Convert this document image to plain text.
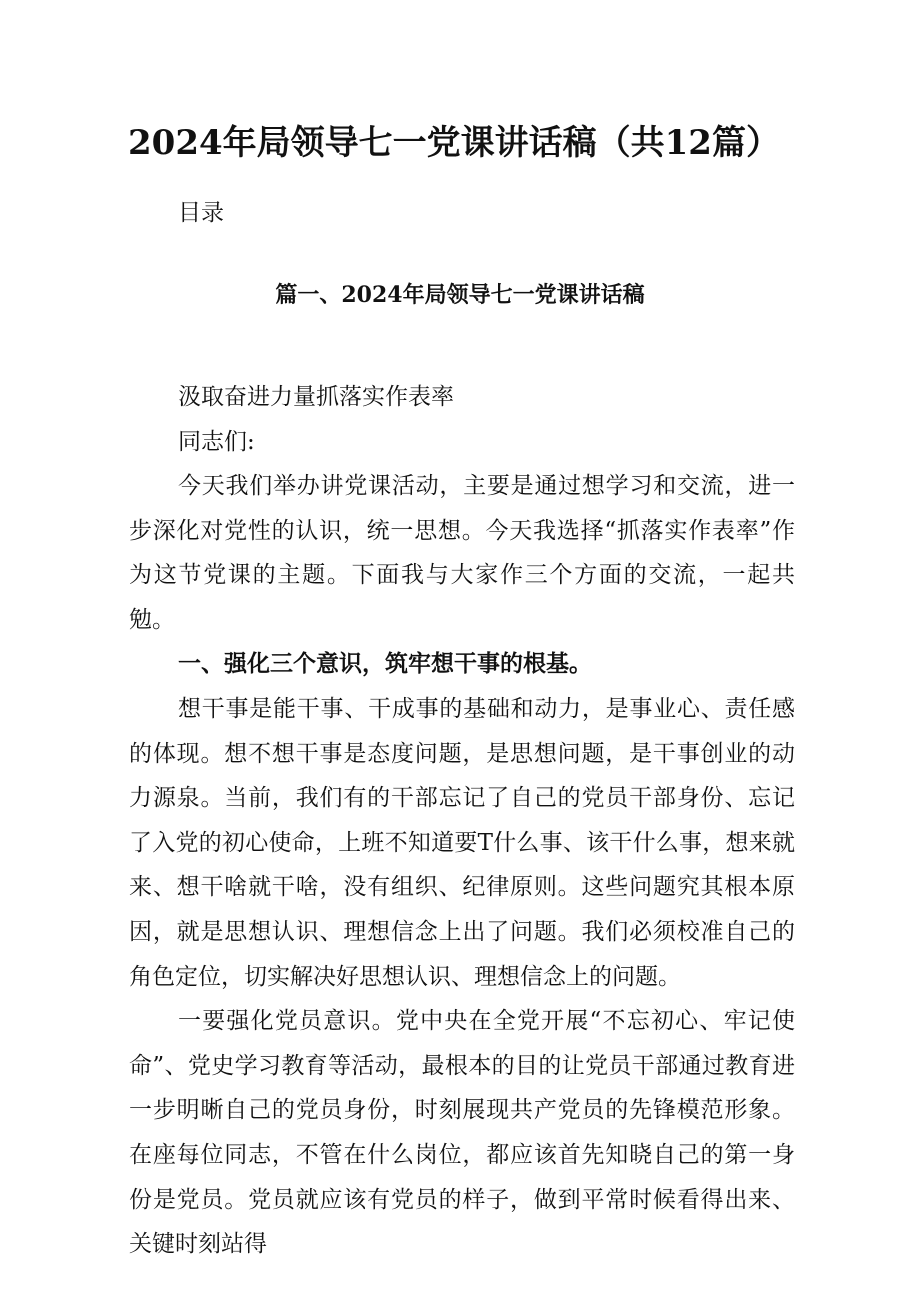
2024年局领导七一党课讲话稿（共12篇）
目录
篇一、2024年局领导七一党课讲话稿
汲取奋进力量抓落实作表率
同志们:

今天我们举办讲党课活动，主要是通过想学习和交流，进一步深化对党性的认识，统一思想。今天我选择“抓落实作表率”作为这节党课的主题。下面我与大家作三个方面的交流，一起共勉。

一、强化三个意识，筑牢想干事的根基。

想干事是能干事、干成事的基础和动力，是事业心、责任感的体现。想不想干事是态度问题，是思想问题，是干事创业的动力源泉。当前，我们有的干部忘记了自己的党员干部身份、忘记了入党的初心使命，上班不知道要T什么事、该干什么事，想来就来、想干啥就干啥，没有组织、纪律原则。这些问题究其根本原因，就是思想认识、理想信念上出了问题。我们必须校准自己的角色定位，切实解决好思想认识、理想信念上的问题。

一要强化党员意识。党中央在全党开展“不忘初心、牢记使命”、党史学习教育等活动，最根本的目的让党员干部通过教育进一步明晰自己的党员身份，时刻展现共产党员的先锋模范形象。在座每位同志，不管在什么岗位，都应该首先知晓自己的第一身份是党员。党员就应该有党员的样子，做到平常时候看得出来、关键时刻站得
